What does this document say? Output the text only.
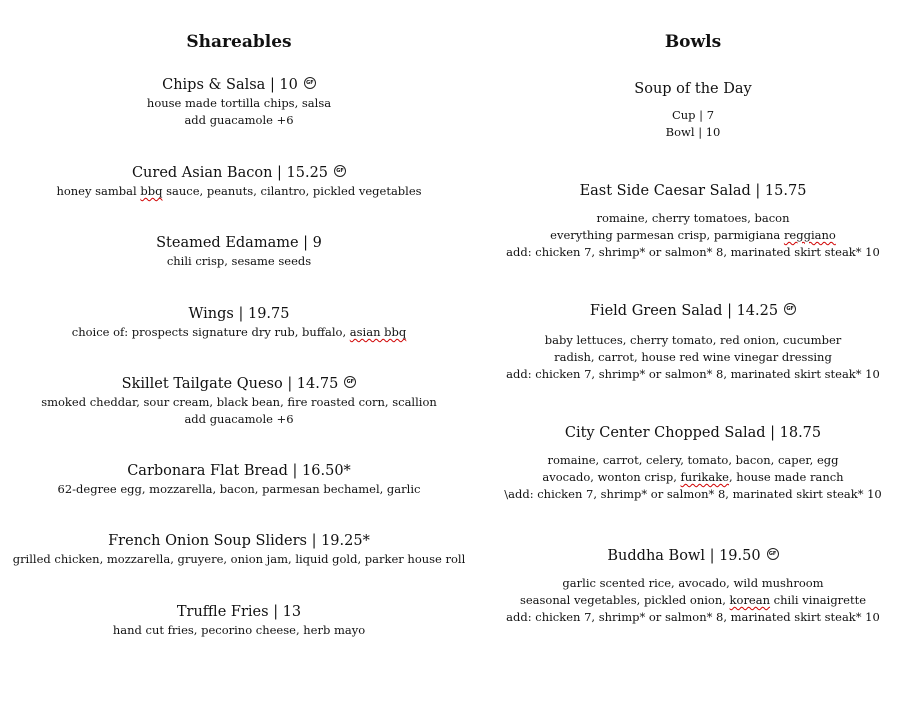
Shareables
Chips & Salsa | 10 GF
house made tortilla chips, salsa
add guacamole +6
Cured Asian Bacon | 15.25 GF
honey sambal bbq sauce, peanuts, cilantro, pickled vegetables
Steamed Edamame | 9
chili crisp, sesame seeds
Wings | 19.75
choice of: prospects signature dry rub, buffalo, asian bbq
Skillet Tailgate Queso | 14.75 GF
smoked cheddar, sour cream, black bean, fire roasted corn, scallion
add guacamole +6
Carbonara Flat Bread | 16.50*
62-degree egg, mozzarella, bacon, parmesan bechamel, garlic
French Onion Soup Sliders | 19.25*
grilled chicken, mozzarella, gruyere, onion jam, liquid gold, parker house roll
Truffle Fries | 13
hand cut fries, pecorino cheese, herb mayo
Bowls
Soup of the Day
Cup | 7
Bowl | 10
East Side Caesar Salad | 15.75
romaine, cherry tomatoes, bacon
everything parmesan crisp, parmigiana reggiano
add: chicken 7, shrimp* or salmon* 8, marinated skirt steak* 10
Field Green Salad | 14.25 GF
baby lettuces, cherry tomato, red onion, cucumber
radish, carrot, house red wine vinegar dressing
add: chicken 7, shrimp* or salmon* 8, marinated skirt steak* 10
City Center Chopped Salad | 18.75
romaine, carrot, celery, tomato, bacon, caper, egg
avocado, wonton crisp, furikake, house made ranch
\add: chicken 7, shrimp* or salmon* 8, marinated skirt steak* 10
Buddha Bowl | 19.50 GF
garlic scented rice, avocado, wild mushroom
seasonal vegetables, pickled onion, korean chili vinaigrette
add: chicken 7, shrimp* or salmon* 8, marinated skirt steak* 10
